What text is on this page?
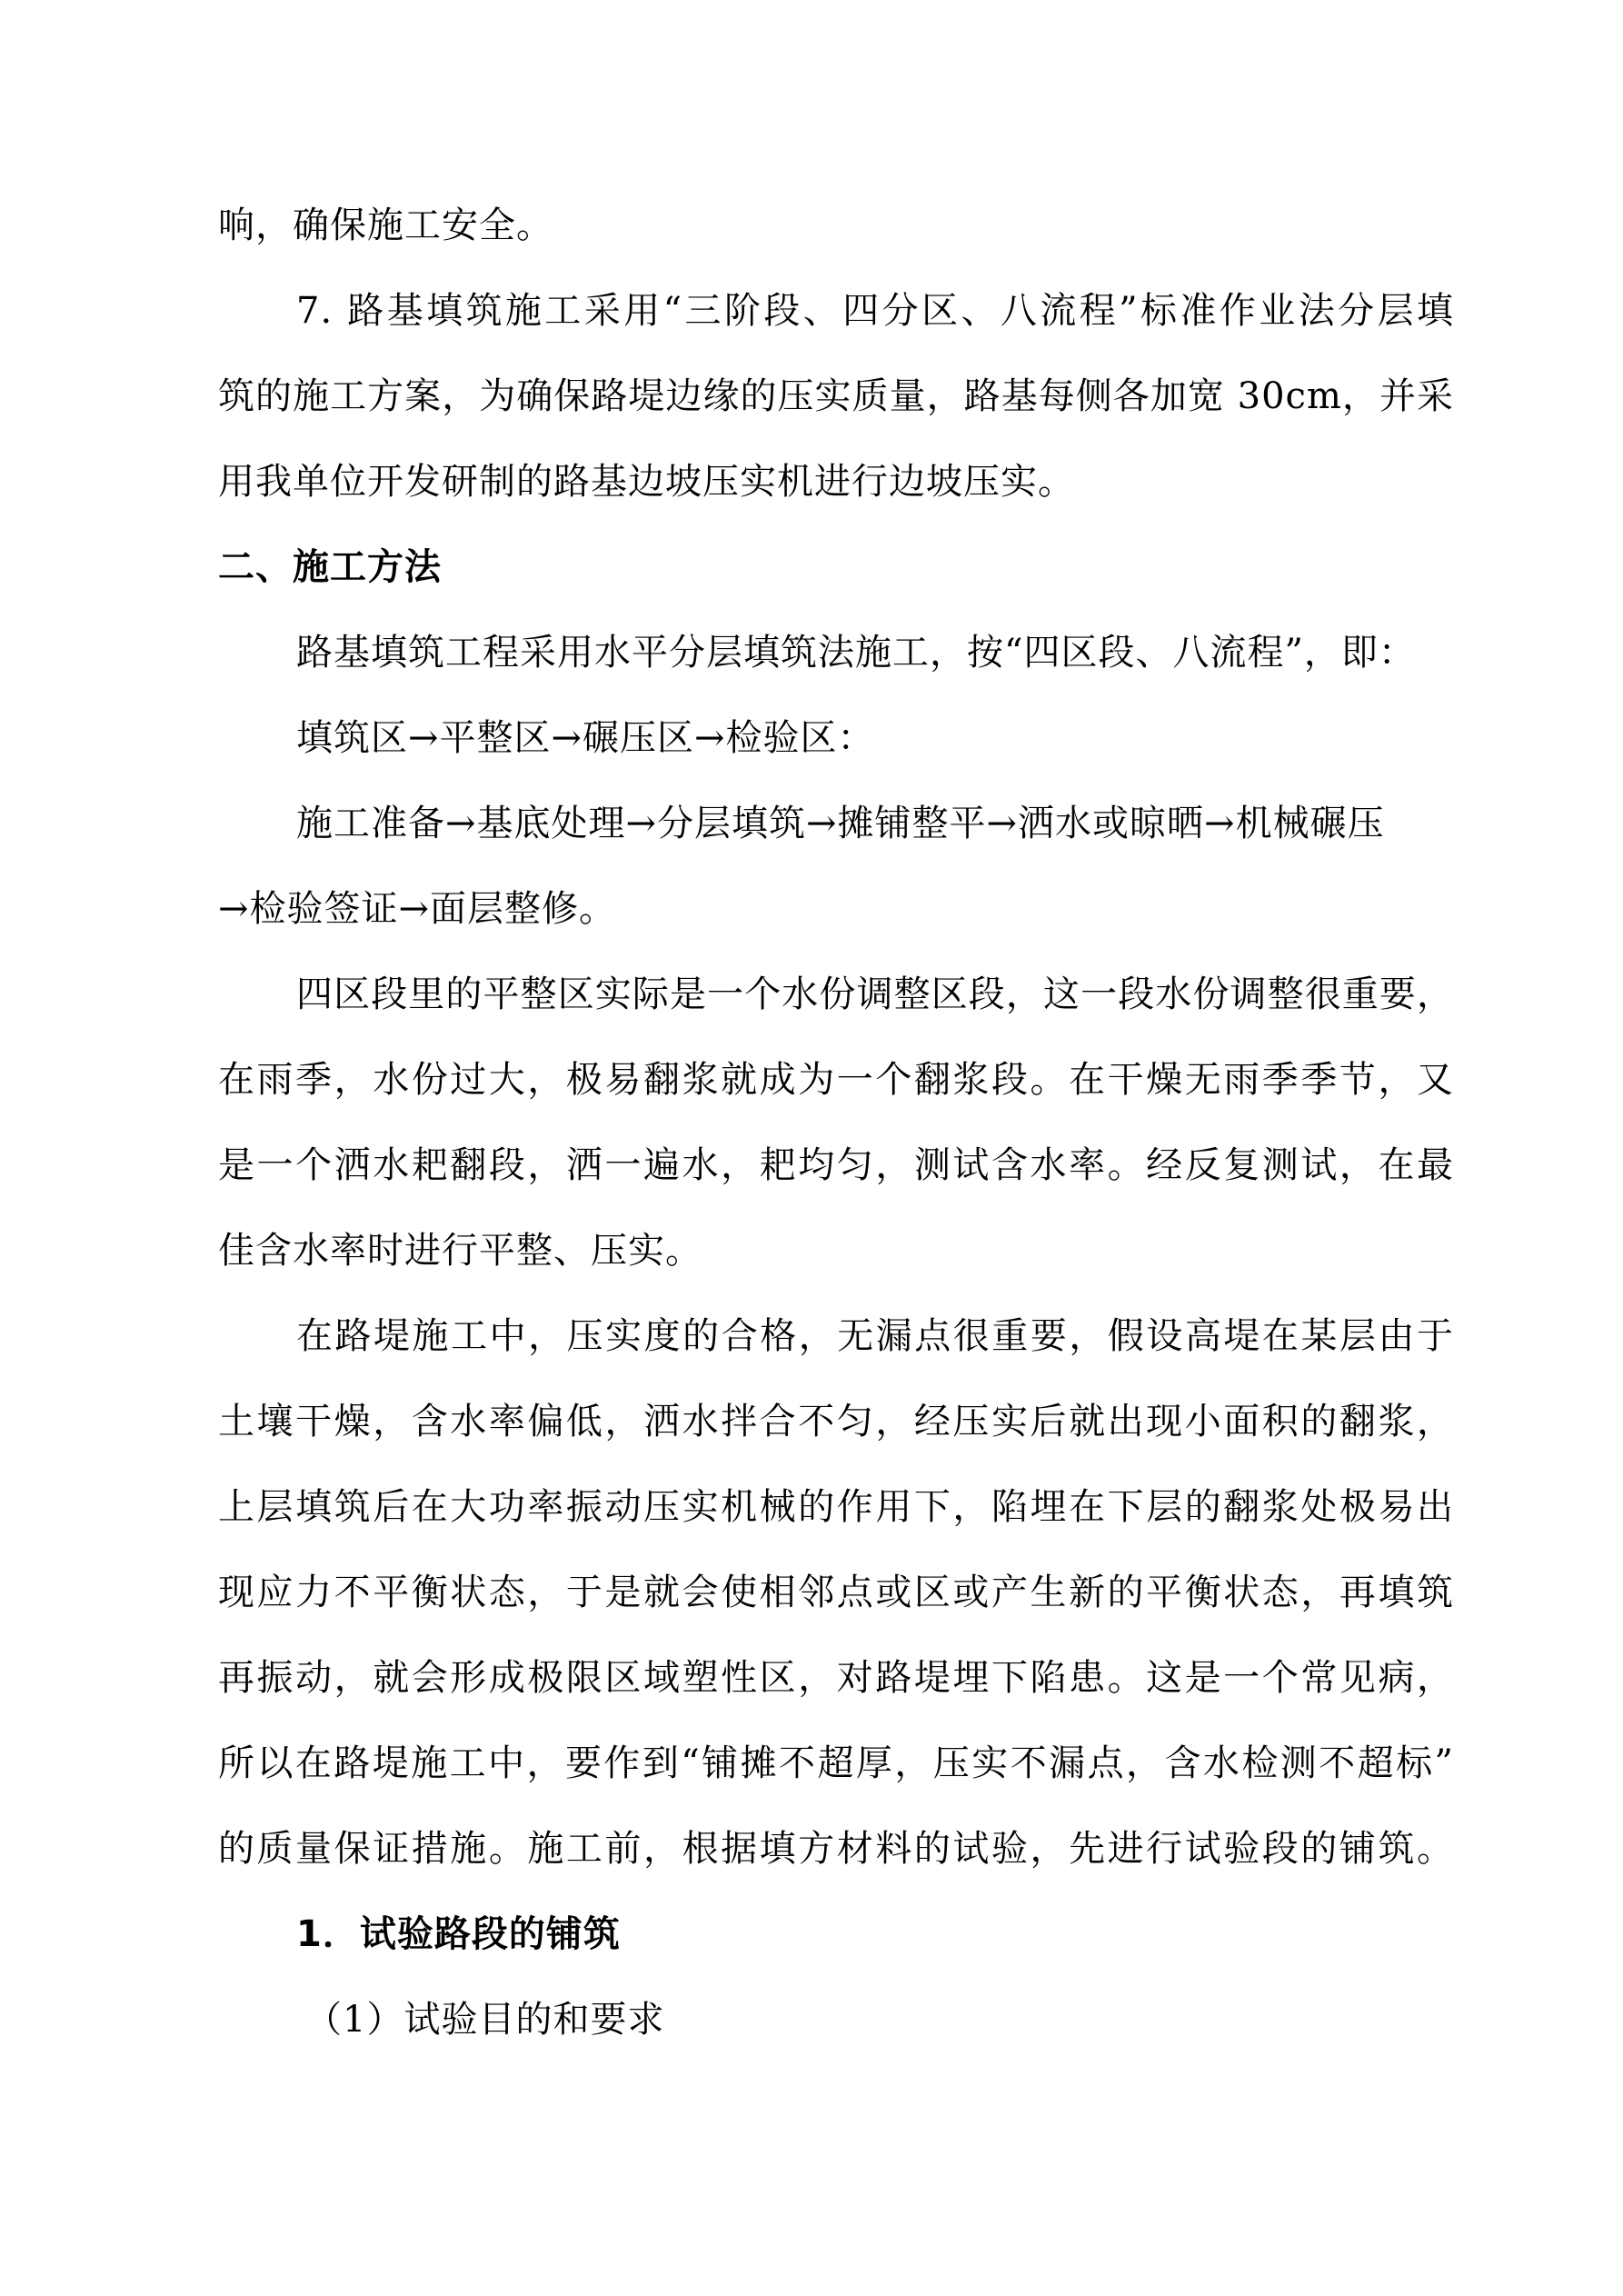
响，确保施工安全。
7. 路基填筑施工采用“三阶段、四分区、八流程”标准作业法分层填
筑的施工方案，为确保路堤边缘的压实质量，路基每侧各加宽 30cm，并采
用我单位开发研制的路基边坡压实机进行边坡压实。
二、施工方法
路基填筑工程采用水平分层填筑法施工，按“四区段、八流程”，即：
填筑区→平整区→碾压区→检验区：
施工准备→基底处理→分层填筑→摊铺整平→洒水或晾晒→机械碾压
→检验签证→面层整修。
四区段里的平整区实际是一个水份调整区段，这一段水份调整很重要，
在雨季，水份过大，极易翻浆就成为一个翻浆段。在干燥无雨季季节，又
是一个洒水耙翻段，洒一遍水，耙均匀，测试含水率。经反复测试，在最
佳含水率时进行平整、压实。
在路堤施工中，压实度的合格，无漏点很重要，假设高堤在某层由于
土壤干燥，含水率偏低，洒水拌合不匀，经压实后就出现小面积的翻浆，
上层填筑后在大功率振动压实机械的作用下，陷埋在下层的翻浆处极易出
现应力不平衡状态，于是就会使相邻点或区或产生新的平衡状态，再填筑
再振动，就会形成极限区域塑性区，对路堤埋下陷患。这是一个常见病，
所以在路堤施工中，要作到“铺摊不超厚，压实不漏点，含水检测不超标”
的质量保证措施。施工前，根据填方材料的试验，先进行试验段的铺筑。
1．试验路段的铺筑
（1）试验目的和要求
